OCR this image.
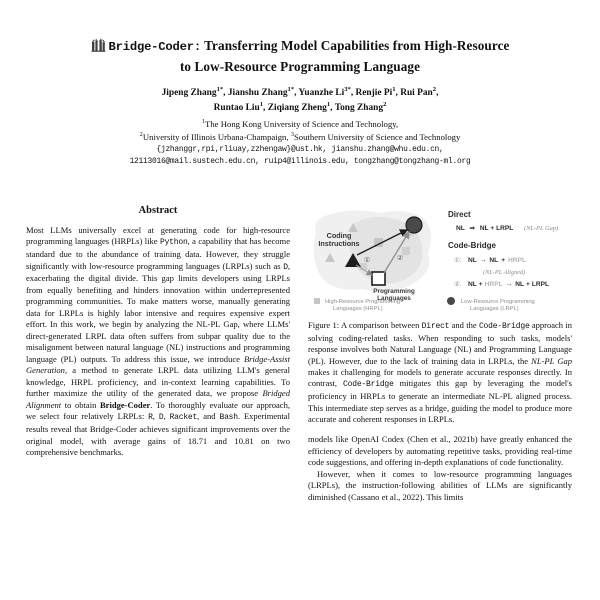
Bridge-Coder: Transferring Model Capabilities from High-Resource
to Low-Resource Programming Language
Jipeng Zhang$^{1*}$, Jianshu Zhang$^{1*}$, Yuanzhe $Li^{3*}$, Renjie Pi$^1$, Rui Pan$^2$,
Runtao Liu$^1$, Ziqiang Zheng$^1$, Tong Zhang$^2$
$^1$The Hong Kong University of Science and Technology,
$^2$University of Illinois Urbana-Champaign, $^3$Southern University of Science and Technology
{jzhanggr,rpi,rliuay,zzhengaw}@ust.hk, jianshu.zhang@whu.edu.cn,
12113016@mail.sustech.edu.cn, ruip4@illinois.edu, tongzhang@tongzhang-ml.org
Abstract

Most LLMs universally excel at generating code for high-resource programming languages (HRPLs) like Python, a capability that has become standard due to the abundance of training data. However, they struggle significantly with low-resource programming languages (LRPLs) such as D, exacerbating the digital divide. This gap limits developers using LRPLs from equally benefiting and hinders innovation within underrepresented programming communities. To make matters worse, manually generating data for LRPLs is highly labor intensive and requires expensive expert effort. In this work, we begin by analyzing the NL-PL Gap, where LLMs' direct-generated LRPL data often suffers from subpar quality due to the misalignment between natural language (NL) instructions and programming language (PL) outputs. To address this issue, we introduce Bridge-Assist Generation, a method to generate LRPL data utilizing LLM's general knowledge, HRPL proficiency, and in-context learning capabilities. To further maximize the utility of the generated data, we propose Bridged Alignment to obtain Bridge-Coder. To thoroughly evaluate our approach, we select four relatively LRPLs: R, D, Racket, and Bash. Experimental results reveal that Bridge-Coder achieves significant improvements over the original model, with average gains of 18.71 and 10.81 on two comprehensive benchmarks.

Coding
Instructions
Programming
Languages
①	②
Direct
NL ⇒ NL + LRPL (NL-PL Gap)
Code-Bridge
①: NL → NL + HRPL
(NL-PL Aligned)
②. NL + HRPL → NL + LRPL
High-Resource Programming
Languages (HRPL)
Low-Resource Programming
Languages (LRPL)

Figure 1: A comparison between Direct and the Code-Bridge approach in solving coding-related tasks. When responding to such tasks, models' response involves both Natural Language (NL) and Programming Language (PL). However, due to the lack of training data in LRPLs, the NL-PL Gap makes it challenging for models to generate accurate responses directly. In contrast, Code-Bridge mitigates this gap by leveraging the model's proficiency in HRPLs to generate an intermediate NL-PL aligned process. This intermediate step serves as a bridge, guiding the model to produce more accurate and coherent responses in LRPLs.

models like OpenAI Codex (Chen et al., 2021b) have greatly enhanced the efficiency of developers by automating repetitive tasks, providing real-time code suggestions, and offering in-depth explanations of code functionality.

However, when it comes to low-resource programming languages (LRPLs), the instruction-following abilities of LLMs are significantly diminished (Cassano et al., 2022). This limits
